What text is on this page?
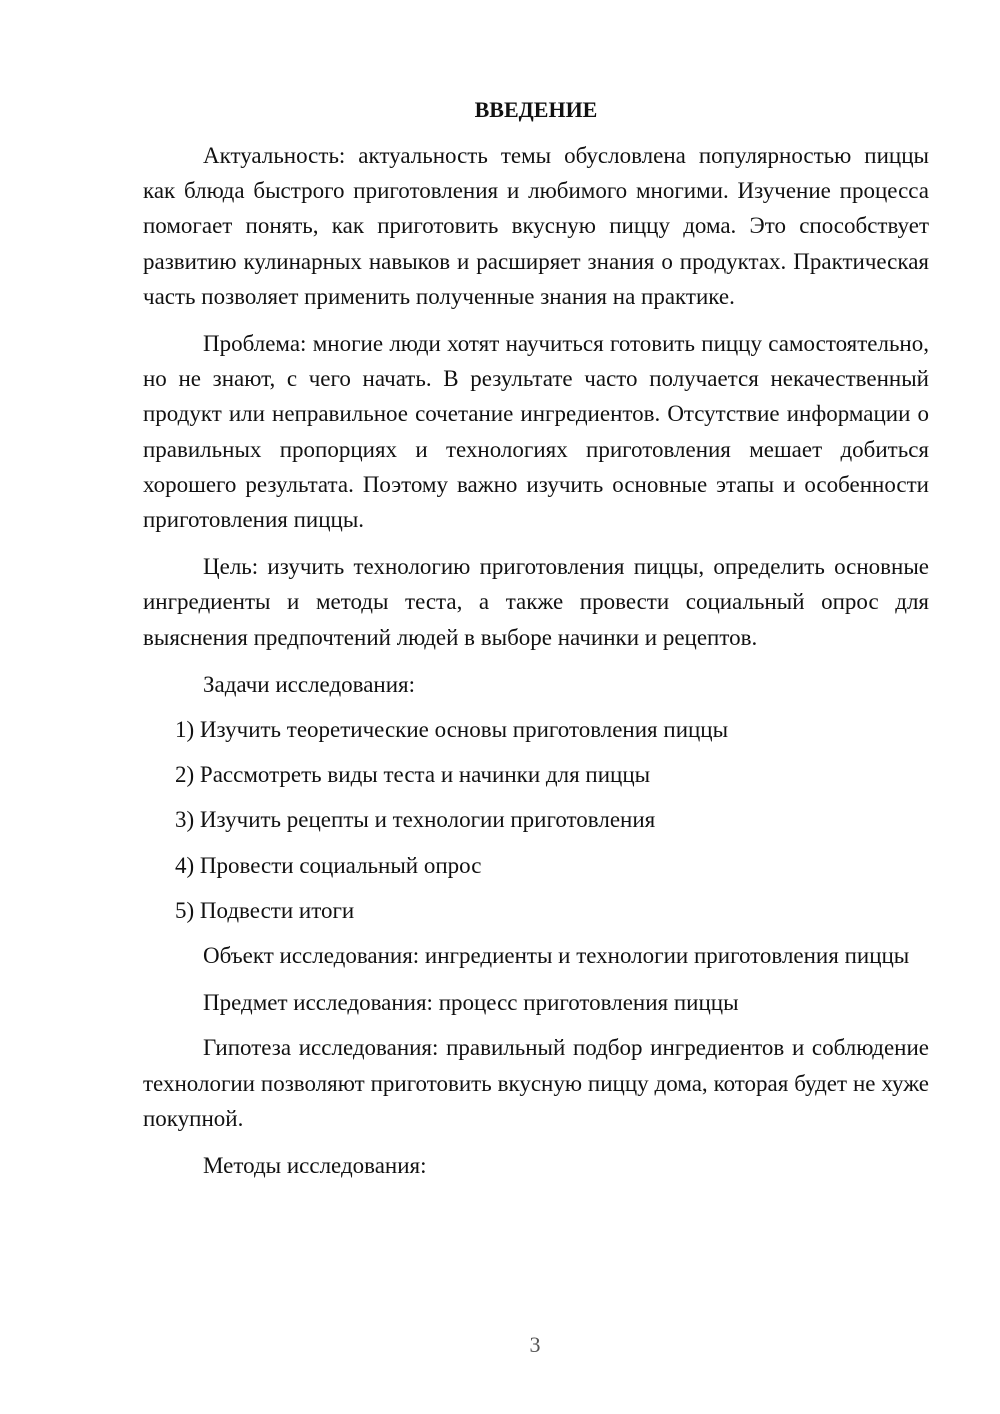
ВВЕДЕНИЕ

Актуальность: актуальность темы обусловлена популярностью пиццы как блюда быстрого приготовления и любимого многими. Изучение процесса помогает понять, как приготовить вкусную пиццу дома. Это способствует развитию кулинарных навыков и расширяет знания о продуктах. Практическая часть позволяет применить полученные знания на практике.

Проблема: многие люди хотят научиться готовить пиццу самостоятельно, но не знают, с чего начать. В результате часто получается некачественный продукт или неправильное сочетание ингредиентов. Отсутствие информации о правильных пропорциях и технологиях приготовления мешает добиться хорошего результата. Поэтому важно изучить основные этапы и особенности приготовления пиццы.

Цель: изучить технологию приготовления пиццы, определить основные ингредиенты и методы теста, а также провести социальный опрос для выяснения предпочтений людей в выборе начинки и рецептов.

Задачи исследования:

1) Изучить теоретические основы приготовления пиццы
2) Рассмотреть виды теста и начинки для пиццы
3) Изучить рецепты и технологии приготовления
4) Провести социальный опрос
5) Подвести итоги

Объект исследования: ингредиенты и технологии приготовления пиццы

Предмет исследования: процесс приготовления пиццы

Гипотеза исследования: правильный подбор ингредиентов и соблюдение технологии позволяют приготовить вкусную пиццу дома, которая будет не хуже покупной.

Методы исследования:

3
